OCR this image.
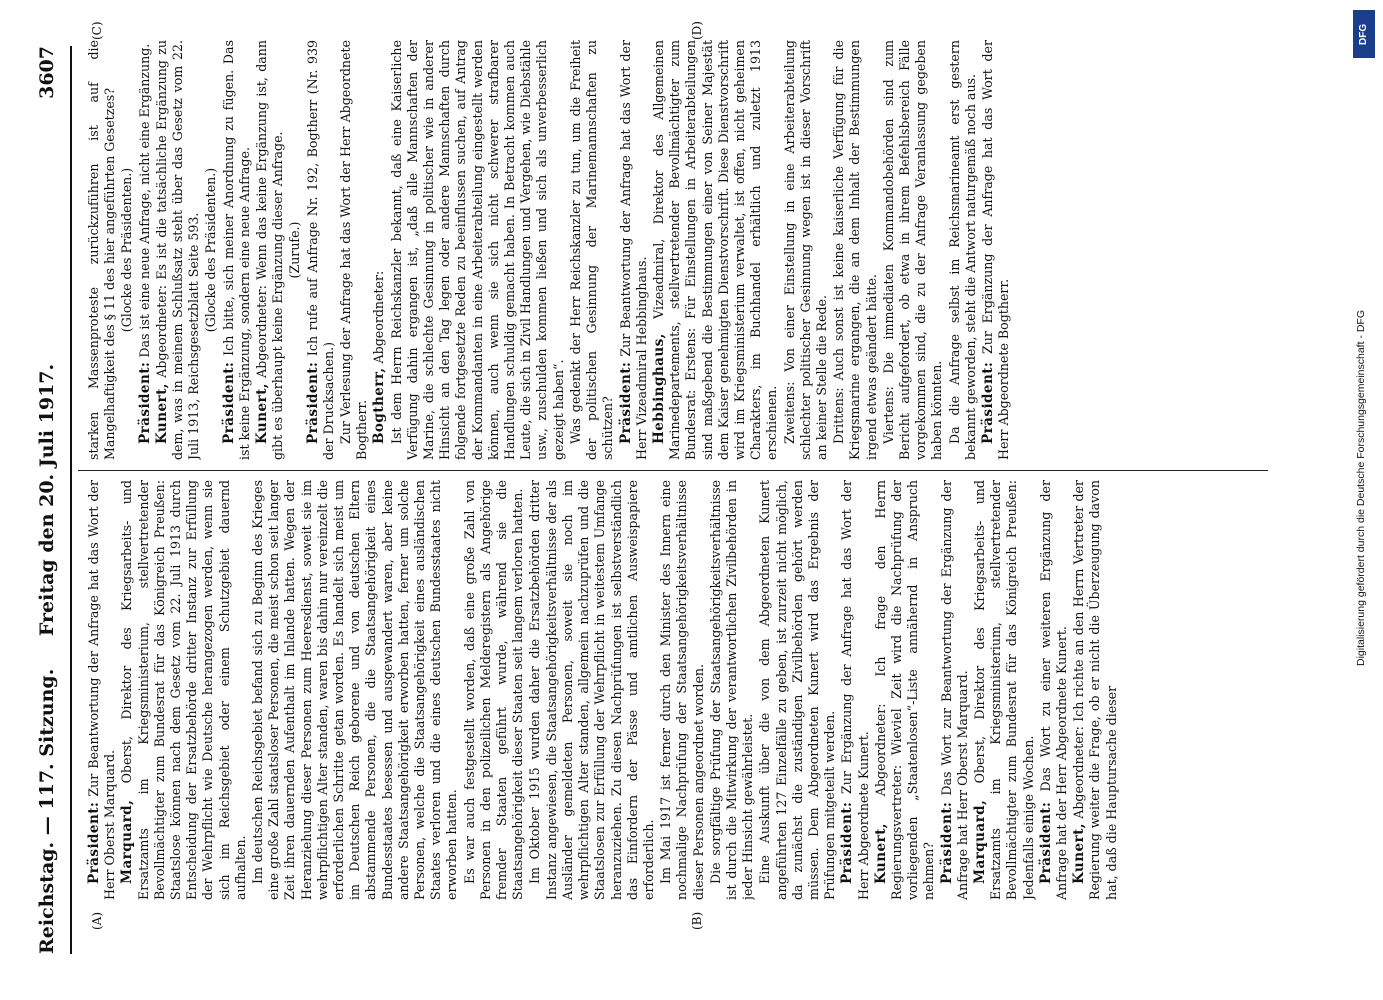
Reichstag. — 117. Sitzung.
Freitag den 20. Juli 1917.
3607
(A)	(B)
(C)	(D)

Präsident: Zur Beantwortung der Anfrage hat das Wort der Herr Oberst Marquard. Marquard, Oberst, Direktor des Kriegsarbeits- und Ersatzamts im Kriegsministerium, stellvertretender Bevollmächtigter zum Bundesrat für das Königreich Preußen: Staatslose können nach dem Gesetz vom 22. Juli 1913 durch Entscheidung der Ersatzbehörde dritter Instanz zur Erfüllung der Wehrpflicht wie Deutsche herangezogen werden, wenn sie sich im Reichsgebiet oder einem Schutzgebiet dauernd aufhalten. Im deutschen Reichsgebiet befand sich zu Beginn des Krieges eine große Zahl staatsloser Personen, die meist schon seit langer Zeit ihren dauernden Aufenthalt im Inlande hatten. Wegen der Heranziehung dieser Personen zum Heeresdienst, soweit sie im wehrpflichtigen Alter standen, waren bis dahin nur vereinzelt die erforderlichen Schritte getan worden. Es handelt sich meist um im Deutschen Reich geborene und von deutschen Eltern abstammende Personen, die die Staatsangehörigkeit eines Bundesstaates besessen und ausgewandert waren, aber keine andere Staatsangehörigkeit erworben hatten, ferner um solche Personen, welche die Staatsangehörigkeit eines ausländischen Staates verloren und die eines deutschen Bundesstaates nicht erworben hatten. Es war auch festgestellt worden, daß eine große Zahl von Personen in den polizeilichen Melderegistern als Angehörige fremder Staaten geführt wurde, während sie die Staatsangehörigkeit dieser Staaten seit langem verloren hatten. Im Oktober 1915 wurden daher die Ersatzbehörden dritter Instanz angewiesen, die Staatsangehörigkeitsverhältnisse der als Ausländer gemeldeten Personen, soweit sie noch im wehrpflichtigen Alter standen, allgemein nachzuprüfen und die Staatslosen zur Erfüllung der Wehrpflicht in weitestem Umfange heranzuziehen. Zu diesen Nachprüfungen ist selbstverständlich das Einfordern der Pässe und amtlichen Ausweispapiere erforderlich. Im Mai 1917 ist ferner durch den Minister des Innern eine nochmalige Nachprüfung der Staatsangehörigkeitsverhältnisse dieser Personen angeordnet worden. Die sorgfältige Prüfung der Staatsangehörigkeitsverhältnisse ist durch die Mitwirkung der verantwortlichen Zivilbehörden in jeder Hinsicht gewährleistet. Eine Auskunft über die von dem Abgeordneten Kunert angeführten 127 Einzelfälle zu geben, ist zurzeit nicht möglich, da zunächst die zuständigen Zivilbehörden gehört werden müssen. Dem Abgeordneten Kunert wird das Ergebnis der Prüfungen mitgeteilt werden. Präsident: Zur Ergänzung der Anfrage hat das Wort der Herr Abgeordnete Kunert. Kunert, Abgeordneter: Ich frage den Herrn Regierungsvertreter: Wieviel Zeit wird die Nachprüfung der vorliegenden „Staatenlosen“-Liste annähernd in Anspruch nehmen? Präsident: Das Wort zur Beantwortung der Ergänzung der Anfrage hat Herr Oberst Marquard. Marquard, Oberst, Direktor des Kriegsarbeits- und Ersatzamts im Kriegsministerium, stellvertretender Bevollmächtigter zum Bundesrat für das Königreich Preußen: Jedenfalls einige Wochen. Präsident: Das Wort zu einer weiteren Ergänzung der Anfrage hat der Herr Abgeordnete Kunert. Kunert, Abgeordneter: Ich richte an den Herrn Vertreter der Regierung weiter die Frage, ob er nicht die Überzeugung davon hat, daß die Hauptursache dieser

starken Massenproteste zurückzuführen ist auf die Mangelhaftigkeit des § 11 des hier angeführten Gesetzes? (Glocke des Präsidenten.)

Präsident: Das ist eine neue Anfrage, nicht eine Ergänzung.

Kunert, Abgeordneter: Es ist die tatsächliche Ergänzung zu dem, was in meinem Schlußsatz steht über das Gesetz vom 22. Juli 1913, Reichsgesetzblatt Seite 593. (Glocke des Präsidenten.)

Präsident: Ich bitte, sich meiner Anordnung zu fügen. Das ist keine Ergänzung, sondern eine neue Anfrage. Kunert, Abgeordneter: Wenn das keine Ergänzung ist, dann gibt es überhaupt keine Ergänzung dieser Anfrage. (Zurufe.)

Präsident: Ich rufe auf Anfrage Nr. 192, Bogtherr (Nr. 939 der Drucksachen.) Zur Verlesung der Anfrage hat das Wort der Herr Abgeordnete Bogtherr. Bogtherr, Abgeordneter: Ist dem Herrn Reichskanzler bekannt, daß eine Kaiserliche Verfügung dahin ergangen ist, „daß alle Mannschaften der Marine, die schlechte Gesinnung in politischer wie in anderer Hinsicht an den Tag legen oder andere Mannschaften durch folgende fortgesetzte Reden zu beeinflussen suchen, auf Antrag der Kommandanten in eine Arbeiterabteilung eingestellt werden können, auch wenn sie sich nicht schwerer strafbarer Handlungen schuldig gemacht haben. In Betracht kommen auch Leute, die sich in Zivil Handlungen und Vergehen, wie Diebstähle usw., zuschulden kommen ließen und sich als unverbesserlich gezeigt haben“. Was gedenkt der Herr Reichskanzler zu tun, um die Freiheit der politischen Gesinnung der Marinemannschaften zu schützen? Präsident: Zur Beantwortung der Anfrage hat das Wort der Herr Vizeadmiral Hebbinghaus. Hebbinghaus, Vizeadmiral, Direktor des Allgemeinen Marinedepartements, stellvertretender Bevollmächtigter zum Bundesrat: Erstens: Für Einstellungen in Arbeiterabteilungen sind maßgebend die Bestimmungen einer von Seiner Majestät dem Kaiser genehmigten Dienstvorschrift. Diese Dienstvorschrift wird im Kriegsministerium verwaltet, ist offen, nicht geheimen Charakters, im Buchhandel erhältlich und zuletzt 1913 erschienen. Zweitens: Von einer Einstellung in eine Arbeiterabteilung schlechter politischer Gesinnung wegen ist in dieser Vorschrift an keiner Stelle die Rede. Drittens: Auch sonst ist keine kaiserliche Verfügung für die Kriegsmarine ergangen, die an dem Inhalt der Bestimmungen irgend etwas geändert hätte. Viertens: Die immediaten Kommandobehörden sind zum Bericht aufgefordert, ob etwa in ihrem Befehlsbereich Fälle vorgekommen sind, die zu der Anfrage Veranlassung gegeben haben könnten. Da die Anfrage selbst im Reichsmarineamt erst gestern bekannt geworden, steht die Antwort naturgemäß noch aus. Präsident: Zur Ergänzung der Anfrage hat das Wort der Herr Abgeordnete Bogtherr.

DFG
Digitalisierung gefördert durch die Deutsche Forschungsgemeinschaft - DFG
